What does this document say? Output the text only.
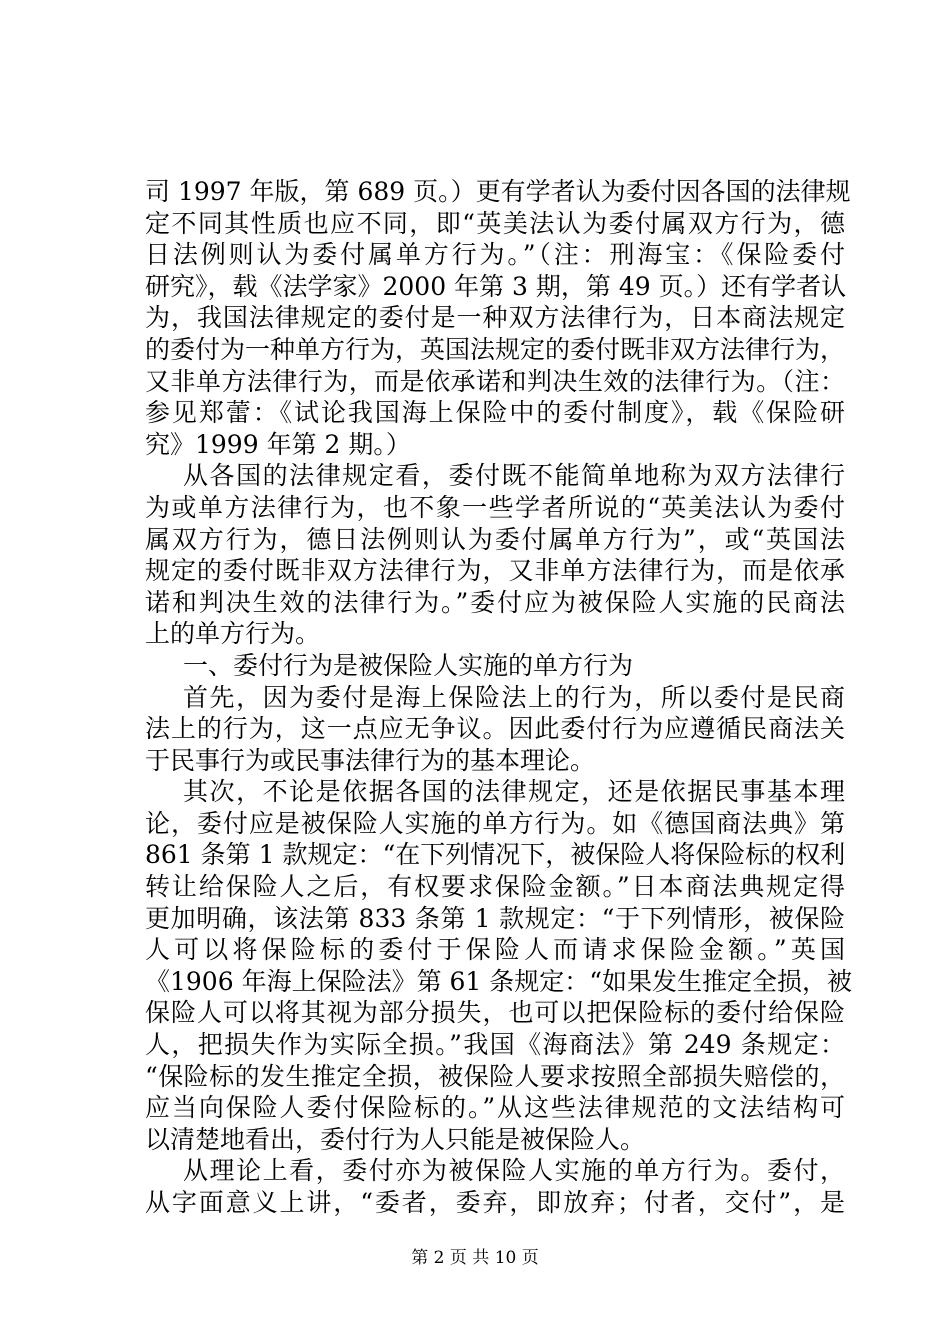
司 1997 年版，第 689 页。）更有学者认为委付因各国的法律规
定不同其性质也应不同，即“英美法认为委付属双方行为，德
日法例则认为委付属单方行为。”（注：刑海宝：《保险委付
研究》，载《法学家》2000 年第 3 期，第 49 页。）还有学者认
为，我国法律规定的委付是一种双方法律行为，日本商法规定
的委付为一种单方行为，英国法规定的委付既非双方法律行为，
又非单方法律行为，而是依承诺和判决生效的法律行为。（注：
参见郑蕾：《试论我国海上保险中的委付制度》，载《保险研
究》1999 年第 2 期。）
从各国的法律规定看，委付既不能简单地称为双方法律行
为或单方法律行为，也不象一些学者所说的“英美法认为委付
属双方行为，德日法例则认为委付属单方行为”，或“英国法
规定的委付既非双方法律行为，又非单方法律行为，而是依承
诺和判决生效的法律行为。”委付应为被保险人实施的民商法
上的单方行为。
一、委付行为是被保险人实施的单方行为
首先，因为委付是海上保险法上的行为，所以委付是民商
法上的行为，这一点应无争议。因此委付行为应遵循民商法关
于民事行为或民事法律行为的基本理论。
其次，不论是依据各国的法律规定，还是依据民事基本理
论，委付应是被保险人实施的单方行为。如《德国商法典》第
861 条第 1 款规定：“在下列情况下，被保险人将保险标的权利
转让给保险人之后，有权要求保险金额。”日本商法典规定得
更加明确，该法第 833 条第 1 款规定：“于下列情形，被保险
人可以将保险标的委付于保险人而请求保险金额。”英国
《1906 年海上保险法》第 61 条规定：“如果发生推定全损，被
保险人可以将其视为部分损失，也可以把保险标的委付给保险
人，把损失作为实际全损。”我国《海商法》第 249 条规定：
“保险标的发生推定全损，被保险人要求按照全部损失赔偿的，
应当向保险人委付保险标的。”从这些法律规范的文法结构可
以清楚地看出，委付行为人只能是被保险人。
从理论上看，委付亦为被保险人实施的单方行为。委付，
从字面意义上讲，“委者，委弃，即放弃；付者，交付”，是
第 2 页 共 10 页
